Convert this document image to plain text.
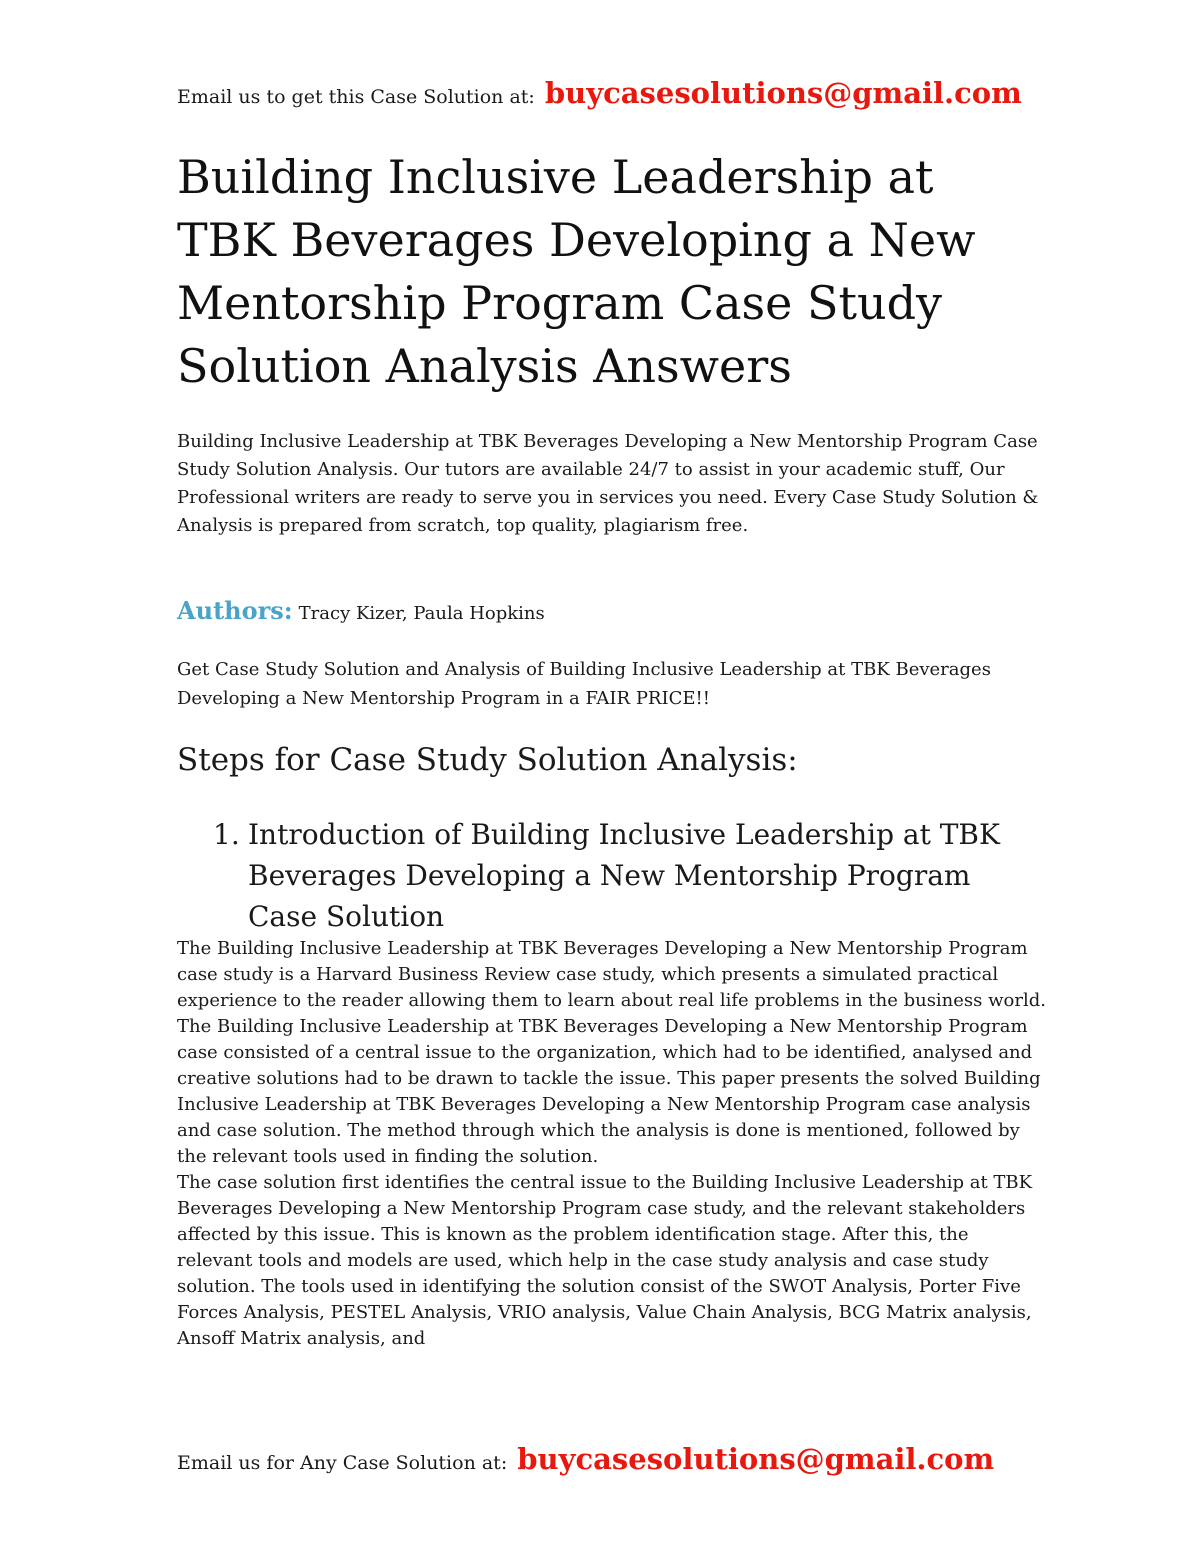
Email us to get this Case Solution at: buycasesolutions@gmail.com
Building Inclusive Leadership at TBK Beverages Developing a New Mentorship Program Case Study Solution Analysis Answers

Building Inclusive Leadership at TBK Beverages Developing a New Mentorship Program Case Study Solution Analysis. Our tutors are available 24/7 to assist in your academic stuff, Our Professional writers are ready to serve you in services you need. Every Case Study Solution & Analysis is prepared from scratch, top quality, plagiarism free.

Authors: Tracy Kizer, Paula Hopkins

Get Case Study Solution and Analysis of Building Inclusive Leadership at TBK Beverages Developing a New Mentorship Program in a FAIR PRICE!!

Steps for Case Study Solution Analysis:
1. Introduction of Building Inclusive Leadership at TBK Beverages Developing a New Mentorship Program Case Solution

The Building Inclusive Leadership at TBK Beverages Developing a New Mentorship Program case study is a Harvard Business Review case study, which presents a simulated practical experience to the reader allowing them to learn about real life problems in the business world. The Building Inclusive Leadership at TBK Beverages Developing a New Mentorship Program case consisted of a central issue to the organization, which had to be identified, analysed and creative solutions had to be drawn to tackle the issue. This paper presents the solved Building Inclusive Leadership at TBK Beverages Developing a New Mentorship Program case analysis and case solution. The method through which the analysis is done is mentioned, followed by the relevant tools used in finding the solution.

The case solution first identifies the central issue to the Building Inclusive Leadership at TBK Beverages Developing a New Mentorship Program case study, and the relevant stakeholders affected by this issue. This is known as the problem identification stage. After this, the relevant tools and models are used, which help in the case study analysis and case study solution. The tools used in identifying the solution consist of the SWOT Analysis, Porter Five Forces Analysis, PESTEL Analysis, VRIO analysis, Value Chain Analysis, BCG Matrix analysis, Ansoff Matrix analysis, and

Email us for Any Case Solution at: buycasesolutions@gmail.com
